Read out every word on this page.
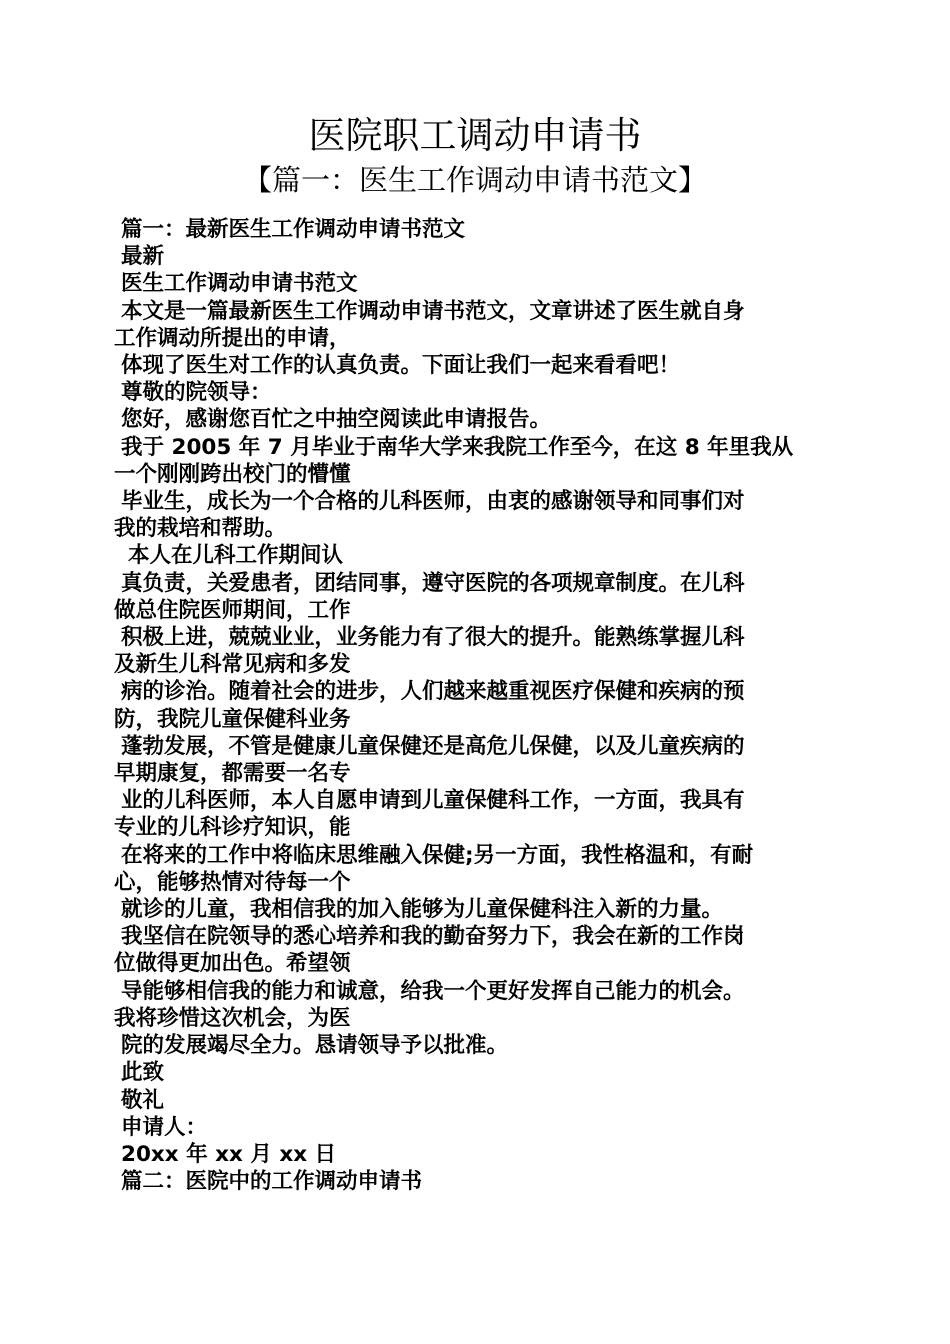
医院职工调动申请书
【篇一：医生工作调动申请书范文】

篇一：最新医生工作调动申请书范文

最新

医生工作调动申请书范文

本文是一篇最新医生工作调动申请书范文，文章讲述了医生就自身

工作调动所提出的申请，

体现了医生对工作的认真负责。下面让我们一起来看看吧！

尊敬的院领导：

您好，感谢您百忙之中抽空阅读此申请报告。

我于 2005 年 7 月毕业于南华大学来我院工作至今，在这 8 年里我从

一个刚刚跨出校门的懵懂

毕业生，成长为一个合格的儿科医师，由衷的感谢领导和同事们对

我的栽培和帮助。

本人在儿科工作期间认

真负责，关爱患者，团结同事，遵守医院的各项规章制度。在儿科

做总住院医师期间，工作

积极上进，兢兢业业，业务能力有了很大的提升。能熟练掌握儿科

及新生儿科常见病和多发

病的诊治。随着社会的进步，人们越来越重视医疗保健和疾病的预

防，我院儿童保健科业务

蓬勃发展，不管是健康儿童保健还是高危儿保健，以及儿童疾病的

早期康复，都需要一名专

业的儿科医师，本人自愿申请到儿童保健科工作，一方面，我具有

专业的儿科诊疗知识，能

在将来的工作中将临床思维融入保健;另一方面，我性格温和，有耐

心，能够热情对待每一个

就诊的儿童，我相信我的加入能够为儿童保健科注入新的力量。

我坚信在院领导的悉心培养和我的勤奋努力下，我会在新的工作岗

位做得更加出色。希望领

导能够相信我的能力和诚意，给我一个更好发挥自己能力的机会。

我将珍惜这次机会，为医

院的发展竭尽全力。恳请领导予以批准。

此致

敬礼

申请人：

20xx 年 xx 月 xx 日

篇二：医院中的工作调动申请书
